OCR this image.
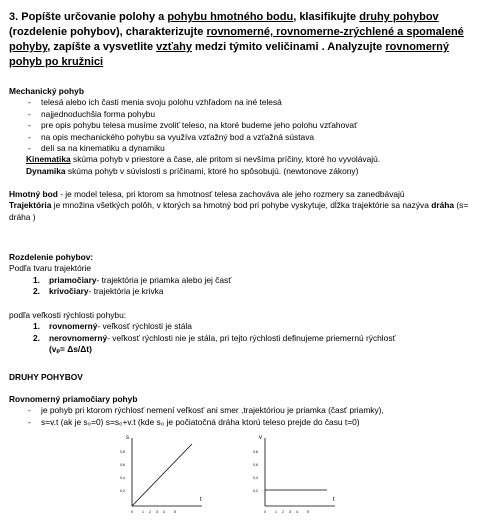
3. Popíšte určovanie polohy a pohybu hmotného bodu, klasifikujte druhy pohybov (rozdelenie pohybov), charakterizujte rovnomerné, rovnomerne-zrýchlené a spomalené pohyby, zapíšte a vysvetlite vzťahy medzi týmito veličinami . Analyzujte rovnomerný pohyb po kružnici
Mechanický pohyb
- telesá alebo ich časti menia svoju polohu vzhľadom na iné telesá
- najjednoduchšia forma pohybu
- pre opis pohybu telesa musíme zvoliť teleso, na ktoré budeme jeho polohu vzťahovať
- na opis mechanického pohybu sa využíva vzťažný bod a vzťažná sústava
- delí sa na kinematiku a dynamiku
Kinematika skúma pohyb v priestore a čase, ale pritom si nevšíma príčiny, ktoré ho vyvolávajú.
Dynamika skúma pohyb v súvislosti s príčinami, ktoré ho spôsobujú. (newtonove zákony)
Hmotný bod - je model telesa, pri ktorom sa hmotnosť telesa zachováva ale jeho rozmery sa zanedbávajú
Trajektória je množina všetkých polôh, v ktorých sa hmotný bod pri pohybe vyskytuje, dĺžka trajektórie sa nazýva dráha (s= dráha )
Rozdelenie pohybov:
Podľa tvaru trajektórie
1. priamočiary- trajektória je priamka alebo jej časť
2. krivočiary- trajektória je krivka
podľa veľkosti rýchlosti pohybu:
1. rovnomerný- veľkosť rýchlosti je stála
2. nerovnomerný- veľkosť rýchlosti nie je stála, pri tejto rýchlosti definujeme priemernú rýchlosť
(vₚ= Δs/Δt)
DRUHY POHYBOV
Rovnomerný priamočiary pohyb
- je pohyb pri ktorom rýchlosť nemení veľkosť ani smer ,trajektóriou je priamka (časť priamky),
- s=v.t (ak je s₀=0) s=s₀+v.t (kde s₀ je počiatočná dráha ktorú teleso prejde do času t=0)
s
t
0,8
0,6
0,4
0,2
0	1 2 3 4	5
v
t
0,8
0,6
0,4
0,2
0	1 2 3 4	5
